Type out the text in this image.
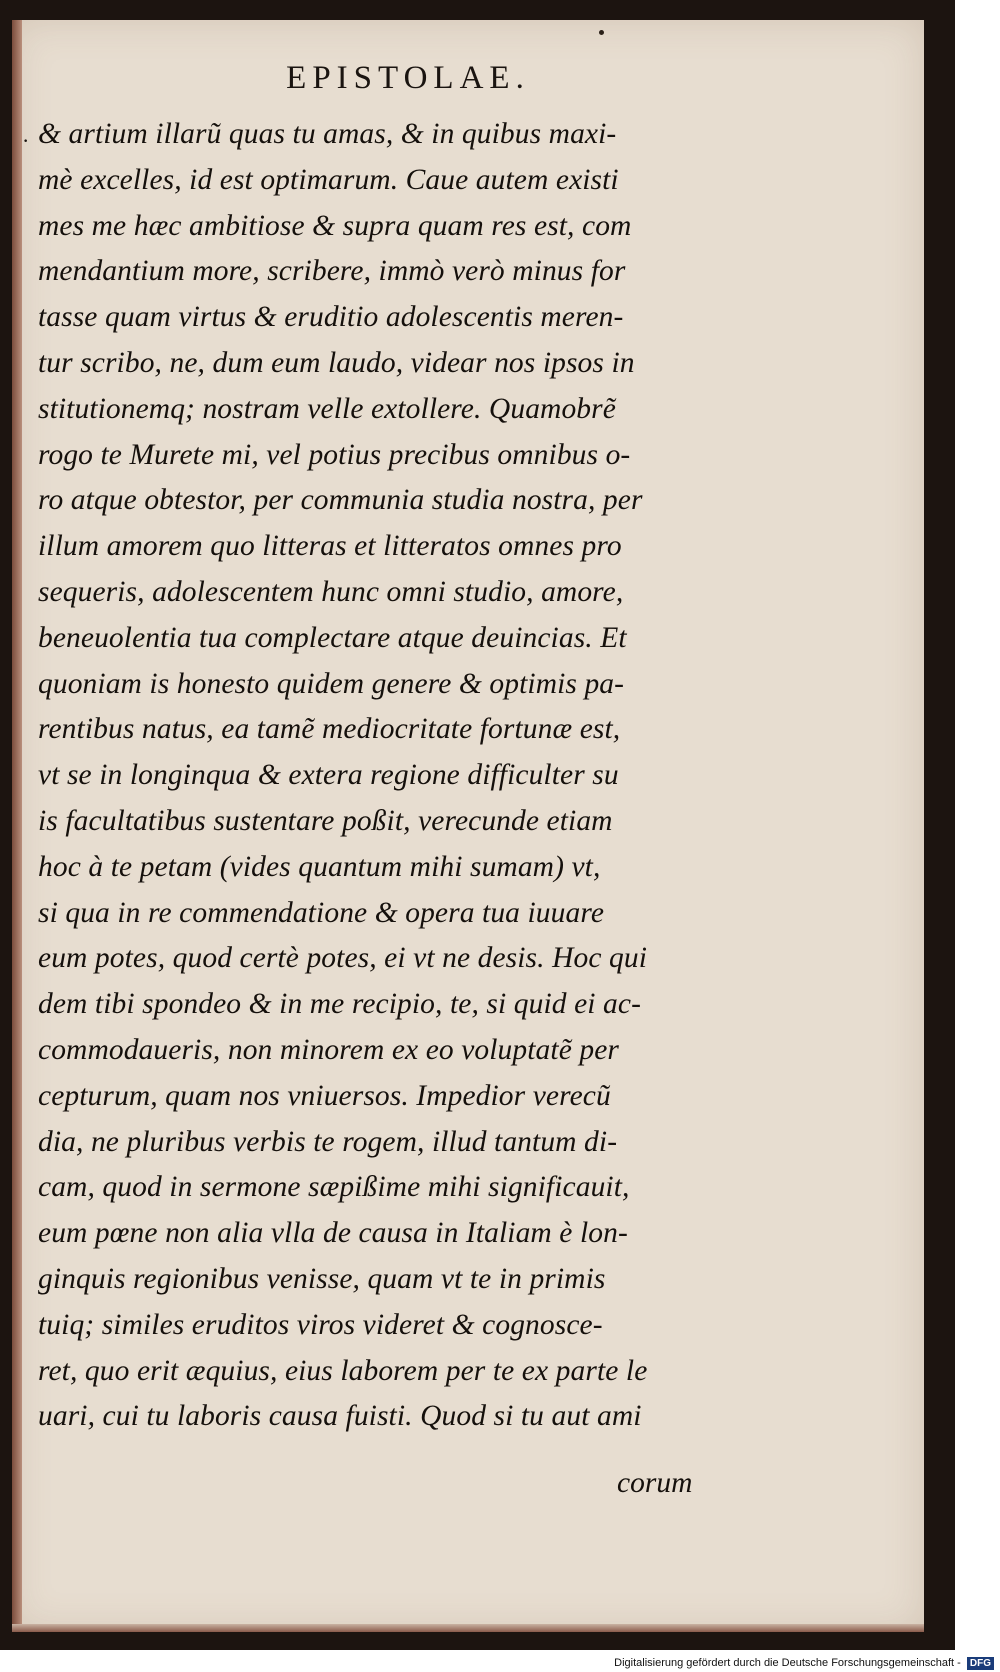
EPISTOLAE.
· & artium illarũ quas tu amas, & in quibus maxi-
mè excelles, id est optimarum. Caue autem existi
mes me hæc ambitiose & supra quam res est, com
mendantium more, scribere, immò verò minus for
tasse quam virtus & eruditio adolescentis meren-
tur scribo, ne, dum eum laudo, videar nos ipsos in
stitutionemq; nostram velle extollere. Quamobrẽ
rogo te Murete mi, vel potius precibus omnibus o-
ro atque obtestor, per communia studia nostra, per
illum amorem quo litteras et litteratos omnes pro
sequeris, adolescentem hunc omni studio, amore,
beneuolentia tua complectare atque deuincias. Et
quoniam is honesto quidem genere & optimis pa-
rentibus natus, ea tamẽ mediocritate fortunæ est,
vt se in longinqua & extera regione difficulter su
is facultatibus sustentare poßit, verecunde etiam
hoc à te petam (vides quantum mihi sumam) vt,
si qua in re commendatione & opera tua iuuare
eum potes, quod certè potes, ei vt ne desis. Hoc qui
dem tibi spondeo & in me recipio, te, si quid ei ac-
commodaueris, non minorem ex eo voluptatẽ per
cepturum, quam nos vniuersos. Impedior verecũ
dia, ne pluribus verbis te rogem, illud tantum di-
cam, quod in sermone sæpißime mihi significauit,
eum pœne non alia vlla de causa in Italiam è lon-
ginquis regionibus venisse, quam vt te in primis
tuiq; similes eruditos viros videret & cognosce-
ret, quo erit æquius, eius laborem per te ex parte le
uari, cui tu laboris causa fuisti. Quod si tu aut ami
corum
Digitalisierung gefördert durch die Deutsche Forschungsgemeinschaft - DFG
